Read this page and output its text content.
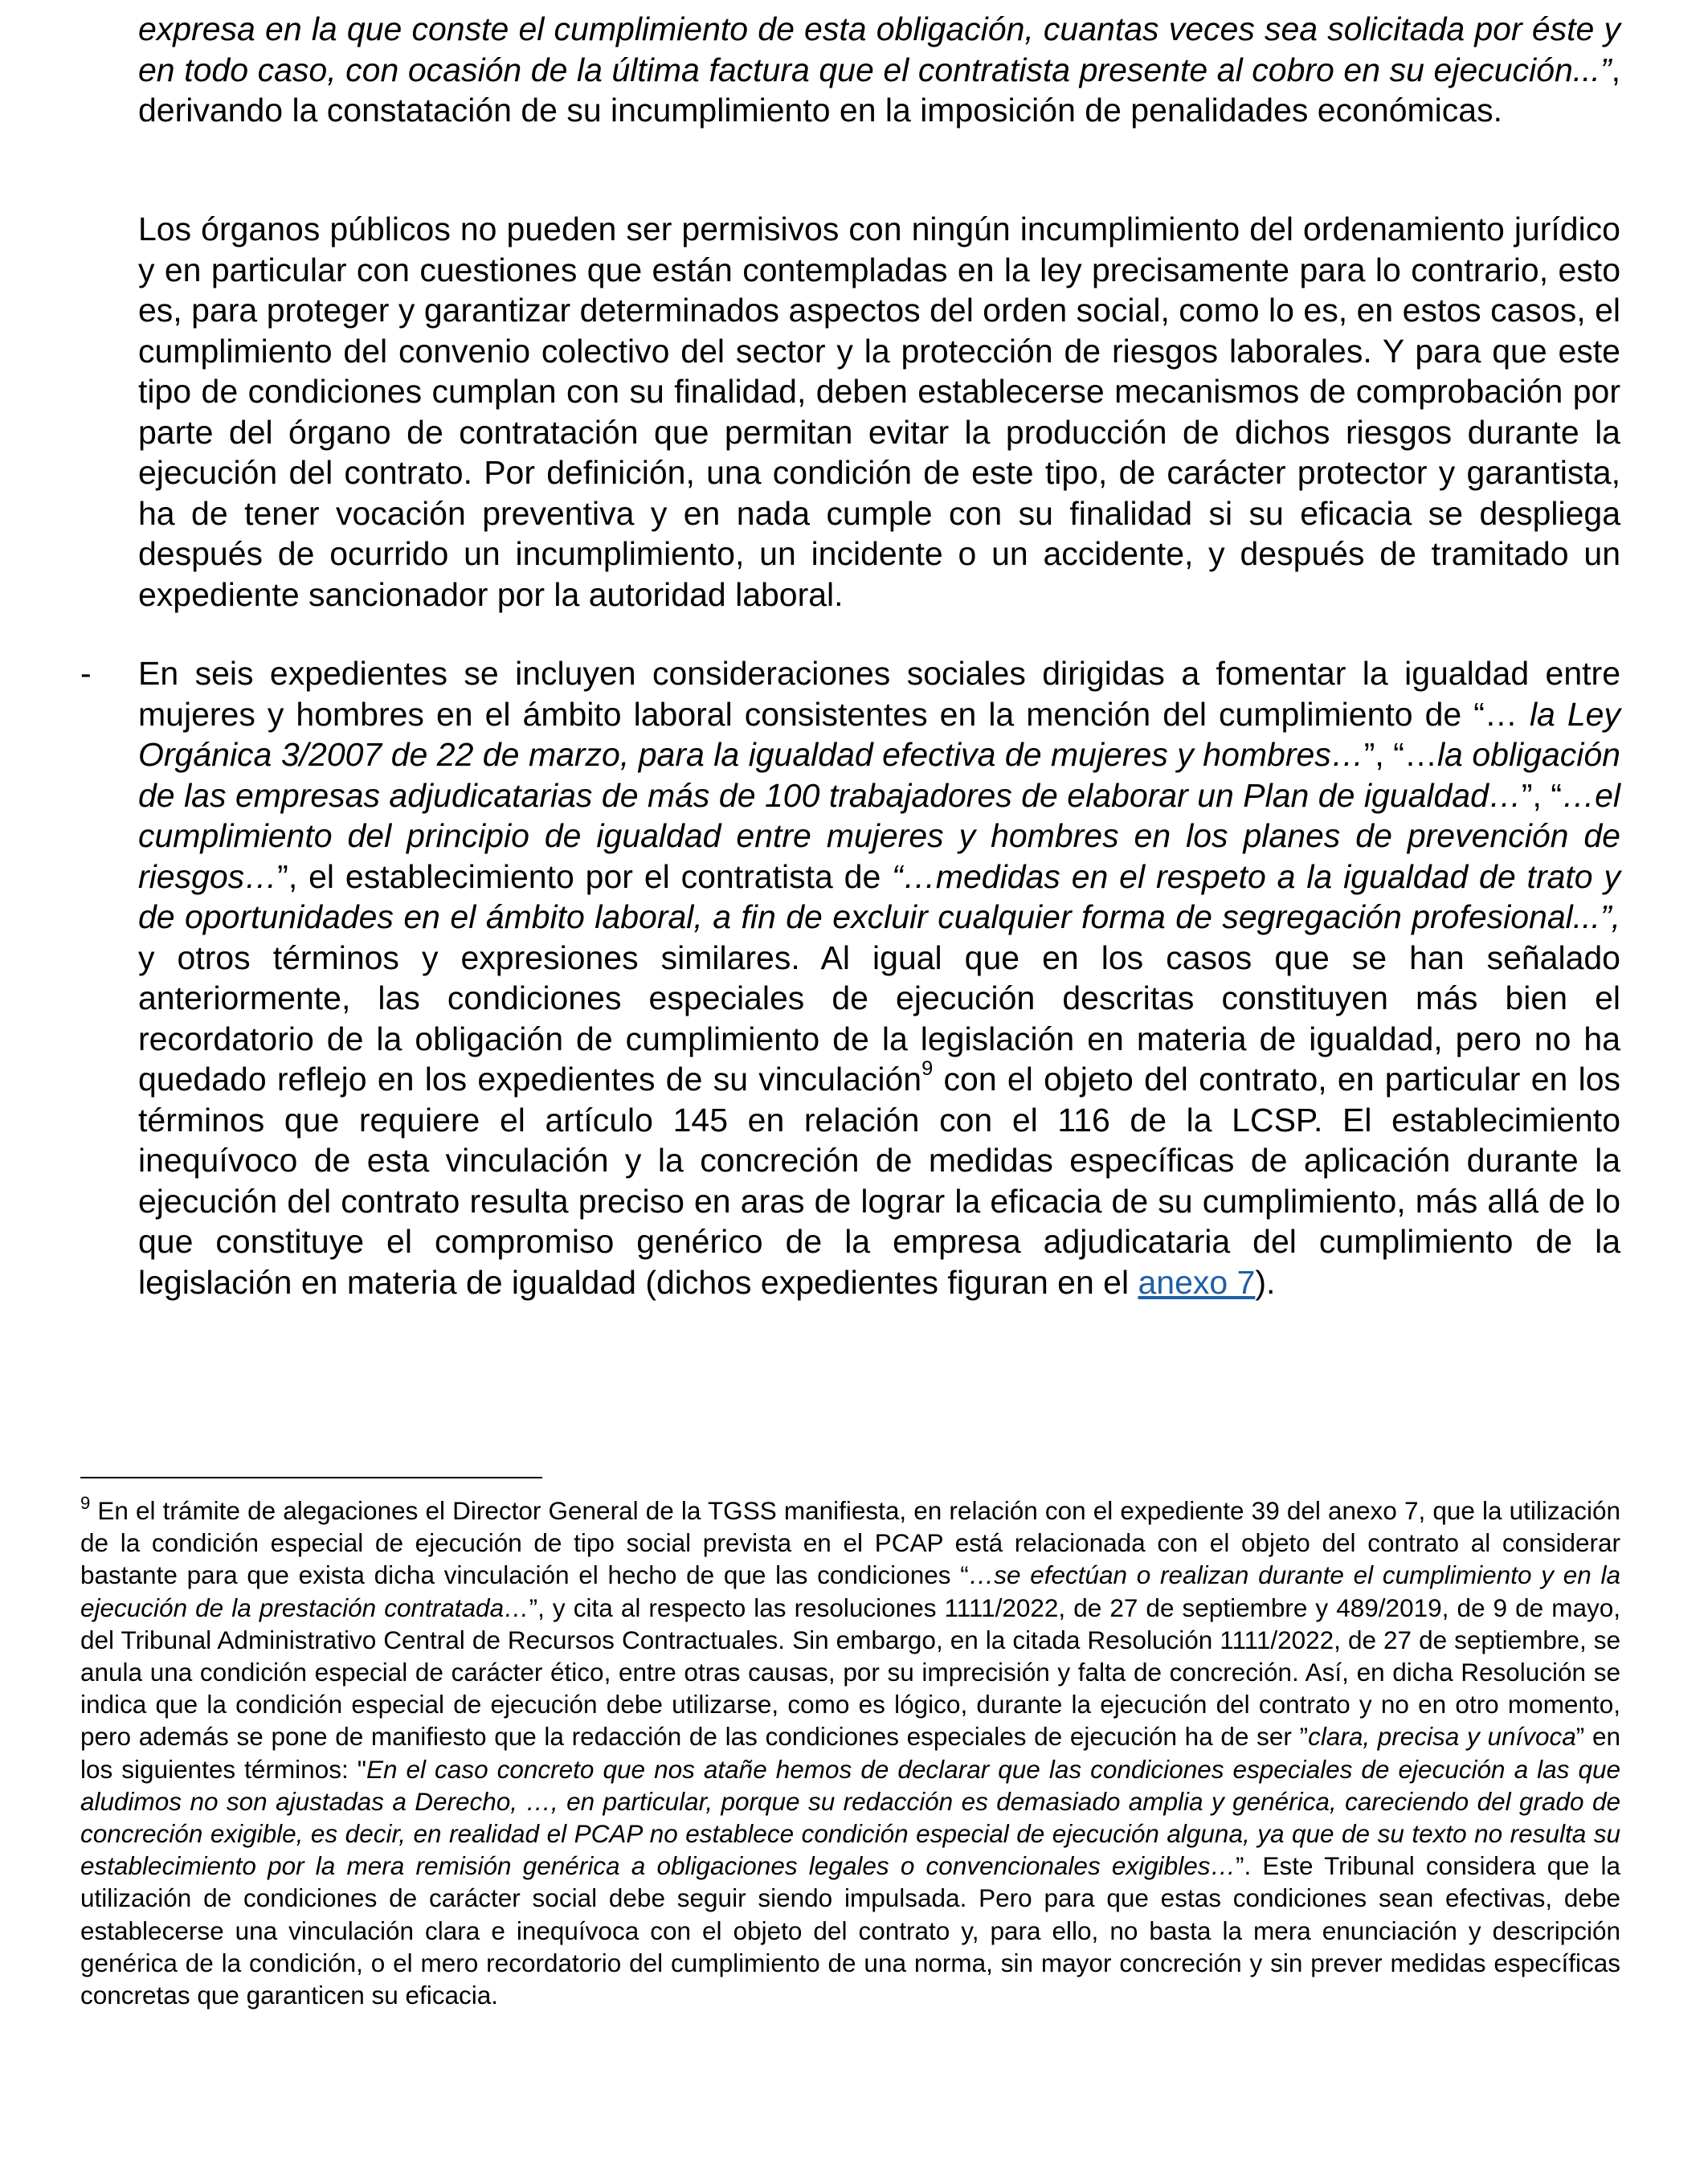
expresa en la que conste el cumplimiento de esta obligación, cuantas veces sea solicitada por éste y en todo caso, con ocasión de la última factura que el contratista presente al cobro en su ejecución...”, derivando la constatación de su incumplimiento en la imposición de penalidades económicas.

Los órganos públicos no pueden ser permisivos con ningún incumplimiento del ordenamiento jurídico y en particular con cuestiones que están contempladas en la ley precisamente para lo contrario, esto es, para proteger y garantizar determinados aspectos del orden social, como lo es, en estos casos, el cumplimiento del convenio colectivo del sector y la protección de riesgos laborales. Y para que este tipo de condiciones cumplan con su finalidad, deben establecerse mecanismos de comprobación por parte del órgano de contratación que permitan evitar la producción de dichos riesgos durante la ejecución del contrato. Por definición, una condición de este tipo, de carácter protector y garantista, ha de tener vocación preventiva y en nada cumple con su finalidad si su eficacia se despliega después de ocurrido un incumplimiento, un incidente o un accidente, y después de tramitado un expediente sancionador por la autoridad laboral.

- En seis expedientes se incluyen consideraciones sociales dirigidas a fomentar la igualdad entre mujeres y hombres en el ámbito laboral consistentes en la mención del cumplimiento de “… la Ley Orgánica 3/2007 de 22 de marzo, para la igualdad efectiva de mujeres y hombres…”, “…la obligación de las empresas adjudicatarias de más de 100 trabajadores de elaborar un Plan de igualdad…”, “…el cumplimiento del principio de igualdad entre mujeres y hombres en los planes de prevención de riesgos…”, el establecimiento por el contratista de “…medidas en el respeto a la igualdad de trato y de oportunidades en el ámbito laboral, a fin de excluir cualquier forma de segregación profesional...”, y otros términos y expresiones similares. Al igual que en los casos que se han señalado anteriormente, las condiciones especiales de ejecución descritas constituyen más bien el recordatorio de la obligación de cumplimiento de la legislación en materia de igualdad, pero no ha quedado reflejo en los expedientes de su vinculación$^9$ con el objeto del contrato, en particular en los términos que requiere el artículo 145 en relación con el 116 de la LCSP. El establecimiento inequívoco de esta vinculación y la concreción de medidas específicas de aplicación durante la ejecución del contrato resulta preciso en aras de lograr la eficacia de su cumplimiento, más allá de lo que constituye el compromiso genérico de la empresa adjudicataria del cumplimiento de la legislación en materia de igualdad (dichos expedientes figuran en el anexo 7).

$^9$ En el trámite de alegaciones el Director General de la TGSS manifiesta, en relación con el expediente 39 del anexo 7, que la utilización de la condición especial de ejecución de tipo social prevista en el PCAP está relacionada con el objeto del contrato al considerar bastante para que exista dicha vinculación el hecho de que las condiciones “…se efectúan o realizan durante el cumplimiento y en la ejecución de la prestación contratada…”, y cita al respecto las resoluciones 1111/2022, de 27 de septiembre y 489/2019, de 9 de mayo, del Tribunal Administrativo Central de Recursos Contractuales. Sin embargo, en la citada Resolución 1111/2022, de 27 de septiembre, se anula una condición especial de carácter ético, entre otras causas, por su imprecisión y falta de concreción. Así, en dicha Resolución se indica que la condición especial de ejecución debe utilizarse, como es lógico, durante la ejecución del contrato y no en otro momento, pero además se pone de manifiesto que la redacción de las condiciones especiales de ejecución ha de ser ”clara, precisa y unívoca” en los siguientes términos: "En el caso concreto que nos atañe hemos de declarar que las condiciones especiales de ejecución a las que aludimos no son ajustadas a Derecho, …, en particular, porque su redacción es demasiado amplia y genérica, careciendo del grado de concreción exigible, es decir, en realidad el PCAP no establece condición especial de ejecución alguna, ya que de su texto no resulta su establecimiento por la mera remisión genérica a obligaciones legales o convencionales exigibles…”. Este Tribunal considera que la utilización de condiciones de carácter social debe seguir siendo impulsada. Pero para que estas condiciones sean efectivas, debe establecerse una vinculación clara e inequívoca con el objeto del contrato y, para ello, no basta la mera enunciación y descripción genérica de la condición, o el mero recordatorio del cumplimiento de una norma, sin mayor concreción y sin prever medidas específicas concretas que garanticen su eficacia.
